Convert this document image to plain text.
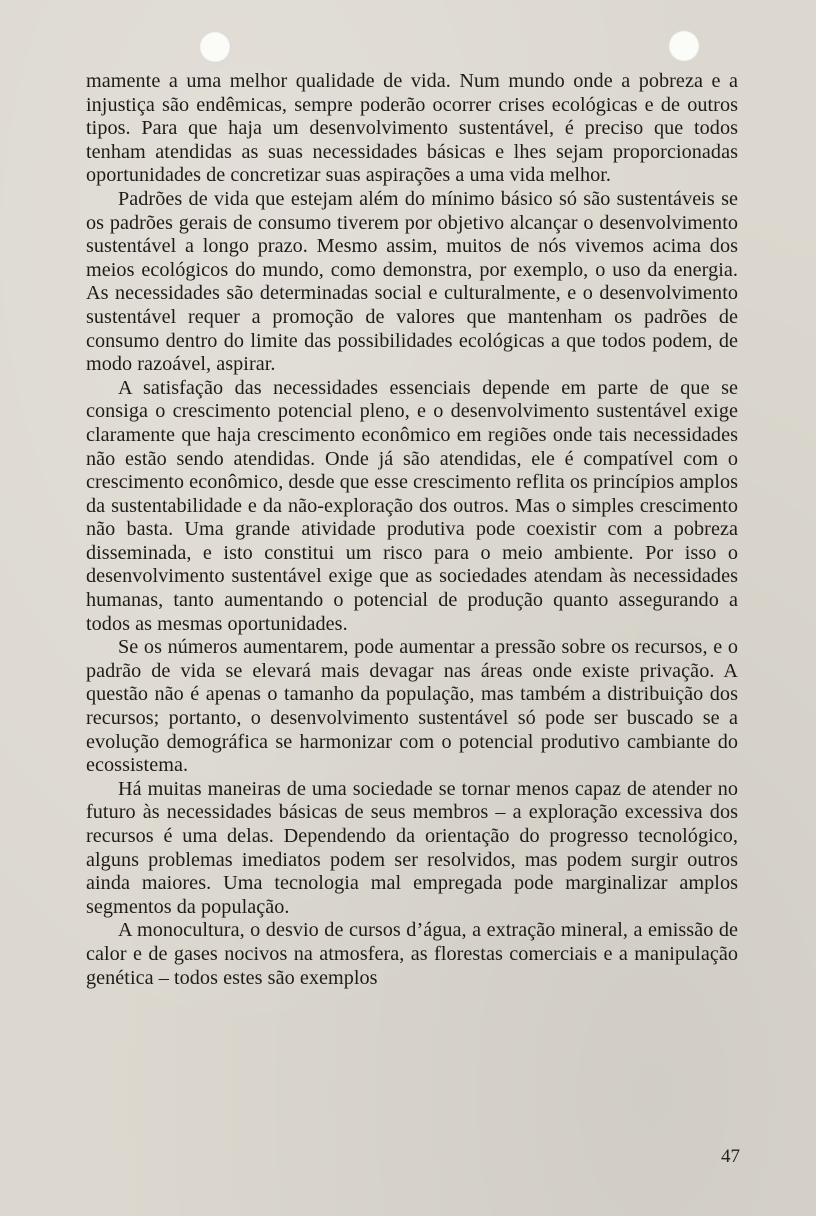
mamente a uma melhor qualidade de vida. Num mundo onde a pobreza e a injustiça são endêmicas, sempre poderão ocorrer crises ecológicas e de outros tipos. Para que haja um desenvolvimento sustentável, é preciso que todos tenham atendidas as suas necessidades básicas e lhes sejam proporcionadas oportunidades de concretizar suas aspirações a uma vida melhor.

Padrões de vida que estejam além do mínimo básico só são sustentáveis se os padrões gerais de consumo tiverem por objetivo alcançar o desenvolvimento sustentável a longo prazo. Mesmo assim, muitos de nós vivemos acima dos meios ecológicos do mundo, como demonstra, por exemplo, o uso da energia. As necessidades são determinadas social e culturalmente, e o desenvolvimento sustentável requer a promoção de valores que mantenham os padrões de consumo dentro do limite das possibilidades ecológicas a que todos podem, de modo razoável, aspirar.

A satisfação das necessidades essenciais depende em parte de que se consiga o crescimento potencial pleno, e o desenvolvimento sustentável exige claramente que haja crescimento econômico em regiões onde tais necessidades não estão sendo atendidas. Onde já são atendidas, ele é compatível com o crescimento econômico, desde que esse crescimento reflita os princípios amplos da sustentabilidade e da não-exploração dos outros. Mas o simples crescimento não basta. Uma grande atividade produtiva pode coexistir com a pobreza disseminada, e isto constitui um risco para o meio ambiente. Por isso o desenvolvimento sustentável exige que as sociedades atendam às necessidades humanas, tanto aumentando o potencial de produção quanto assegurando a todos as mesmas oportunidades.

Se os números aumentarem, pode aumentar a pressão sobre os recursos, e o padrão de vida se elevará mais devagar nas áreas onde existe privação. A questão não é apenas o tamanho da população, mas também a distribuição dos recursos; portanto, o desenvolvimento sustentável só pode ser buscado se a evolução demográfica se harmonizar com o potencial produtivo cambiante do ecossistema.

Há muitas maneiras de uma sociedade se tornar menos capaz de atender no futuro às necessidades básicas de seus membros – a exploração excessiva dos recursos é uma delas. Dependendo da orientação do progresso tecnológico, alguns problemas imediatos podem ser resolvidos, mas podem surgir outros ainda maiores. Uma tecnologia mal empregada pode marginalizar amplos segmentos da população.

A monocultura, o desvio de cursos d’água, a extração mineral, a emissão de calor e de gases nocivos na atmosfera, as florestas comerciais e a manipulação genética – todos estes são exemplos

47
